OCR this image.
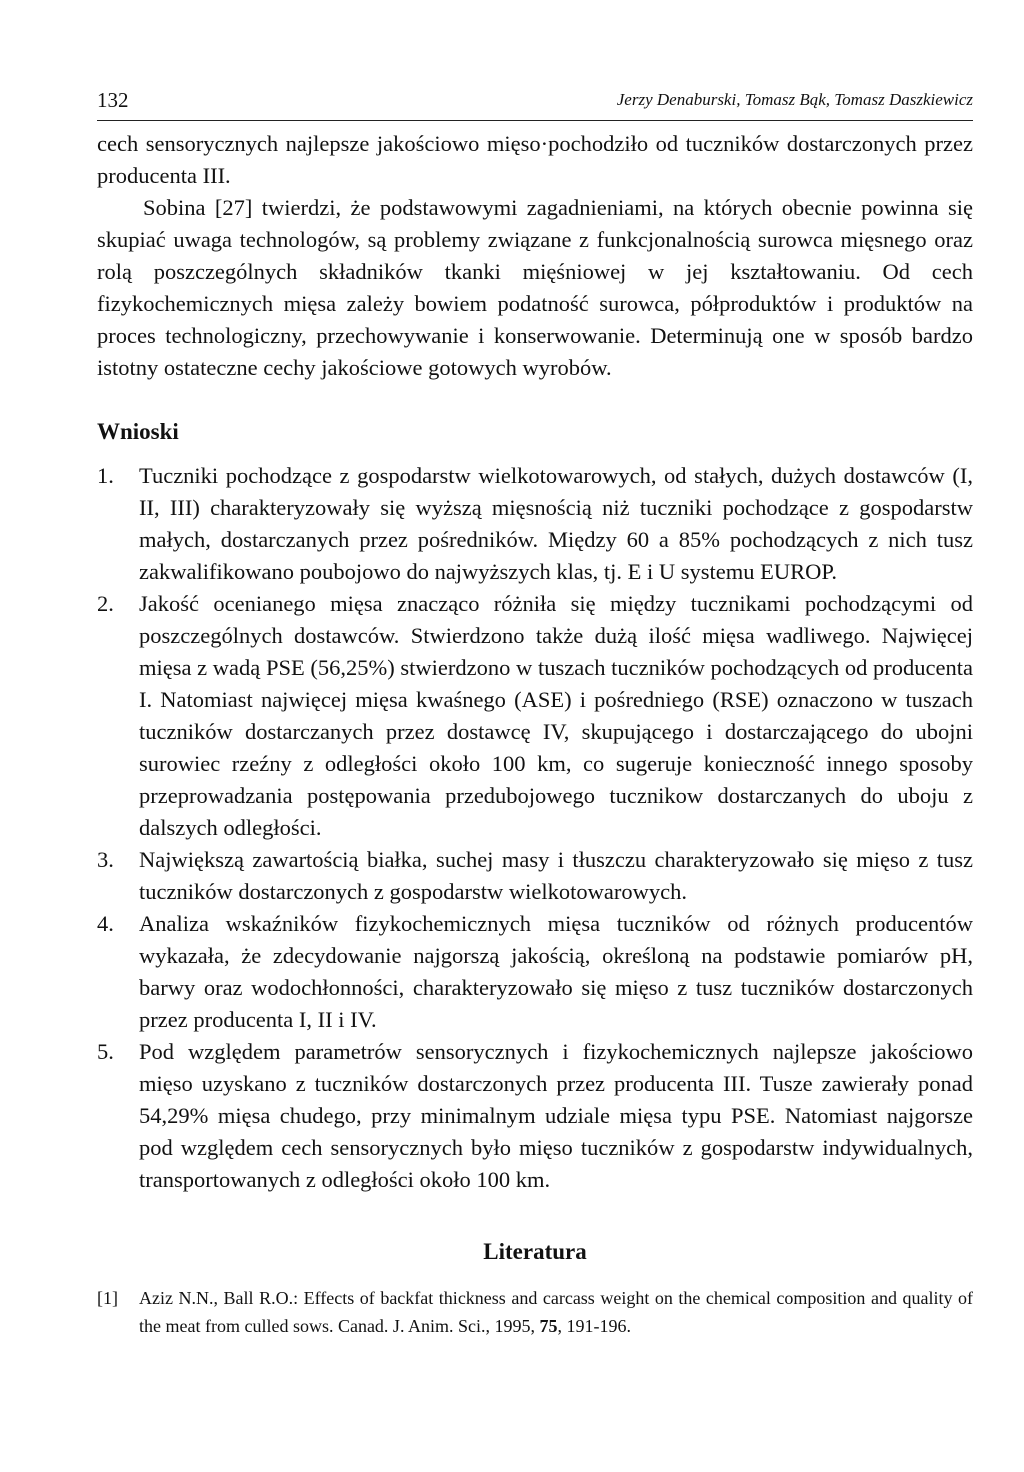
132	Jerzy Denaburski, Tomasz Bąk, Tomasz Daszkiewicz

cech sensorycznych najlepsze jakościowo mięso·pochodziło od tuczników dostarczonych przez producenta III.

Sobina [27] twierdzi, że podstawowymi zagadnieniami, na których obecnie powinna się skupiać uwaga technologów, są problemy związane z funkcjonalnością surowca mięsnego oraz rolą poszczególnych składników tkanki mięśniowej w jej kształtowaniu. Od cech fizykochemicznych mięsa zależy bowiem podatność surowca, półproduktów i produktów na proces technologiczny, przechowywanie i konserwowanie. Determinują one w sposób bardzo istotny ostateczne cechy jakościowe gotowych wyrobów.

Wnioski
1. Tuczniki pochodzące z gospodarstw wielkotowarowych, od stałych, dużych dostawców (I, II, III) charakteryzowały się wyższą mięsnością niż tuczniki pochodzące z gospodarstw małych, dostarczanych przez pośredników. Między 60 a 85% pochodzących z nich tusz zakwalifikowano poubojowo do najwyższych klas, tj. E i U systemu EUROP.
2. Jakość ocenianego mięsa znacząco różniła się między tucznikami pochodzącymi od poszczególnych dostawców. Stwierdzono także dużą ilość mięsa wadliwego. Najwięcej mięsa z wadą PSE (56,25%) stwierdzono w tuszach tuczników pochodzących od producenta I. Natomiast najwięcej mięsa kwaśnego (ASE) i pośredniego (RSE) oznaczono w tuszach tuczników dostarczanych przez dostawcę IV, skupującego i dostarczającego do ubojni surowiec rzeźny z odległości około 100 km, co sugeruje konieczność innego sposoby przeprowadzania postępowania przedubojowego tucznikow dostarczanych do uboju z dalszych odległości.
3. Największą zawartością białka, suchej masy i tłuszczu charakteryzowało się mięso z tusz tuczników dostarczonych z gospodarstw wielkotowarowych.
4. Analiza wskaźników fizykochemicznych mięsa tuczników od różnych producentów wykazała, że zdecydowanie najgorszą jakością, określoną na podstawie pomiarów pH, barwy oraz wodochłonności, charakteryzowało się mięso z tusz tuczników dostarczonych przez producenta I, II i IV.
5. Pod względem parametrów sensorycznych i fizykochemicznych najlepsze jakościowo mięso uzyskano z tuczników dostarczonych przez producenta III. Tusze zawierały ponad 54,29% mięsa chudego, przy minimalnym udziale mięsa typu PSE. Natomiast najgorsze pod względem cech sensorycznych było mięso tuczników z gospodarstw indywidualnych, transportowanych z odległości około 100 km.
Literatura
[1] Aziz N.N., Ball R.O.: Effects of backfat thickness and carcass weight on the chemical composition and quality of the meat from culled sows. Canad. J. Anim. Sci., 1995, 75, 191-196.
